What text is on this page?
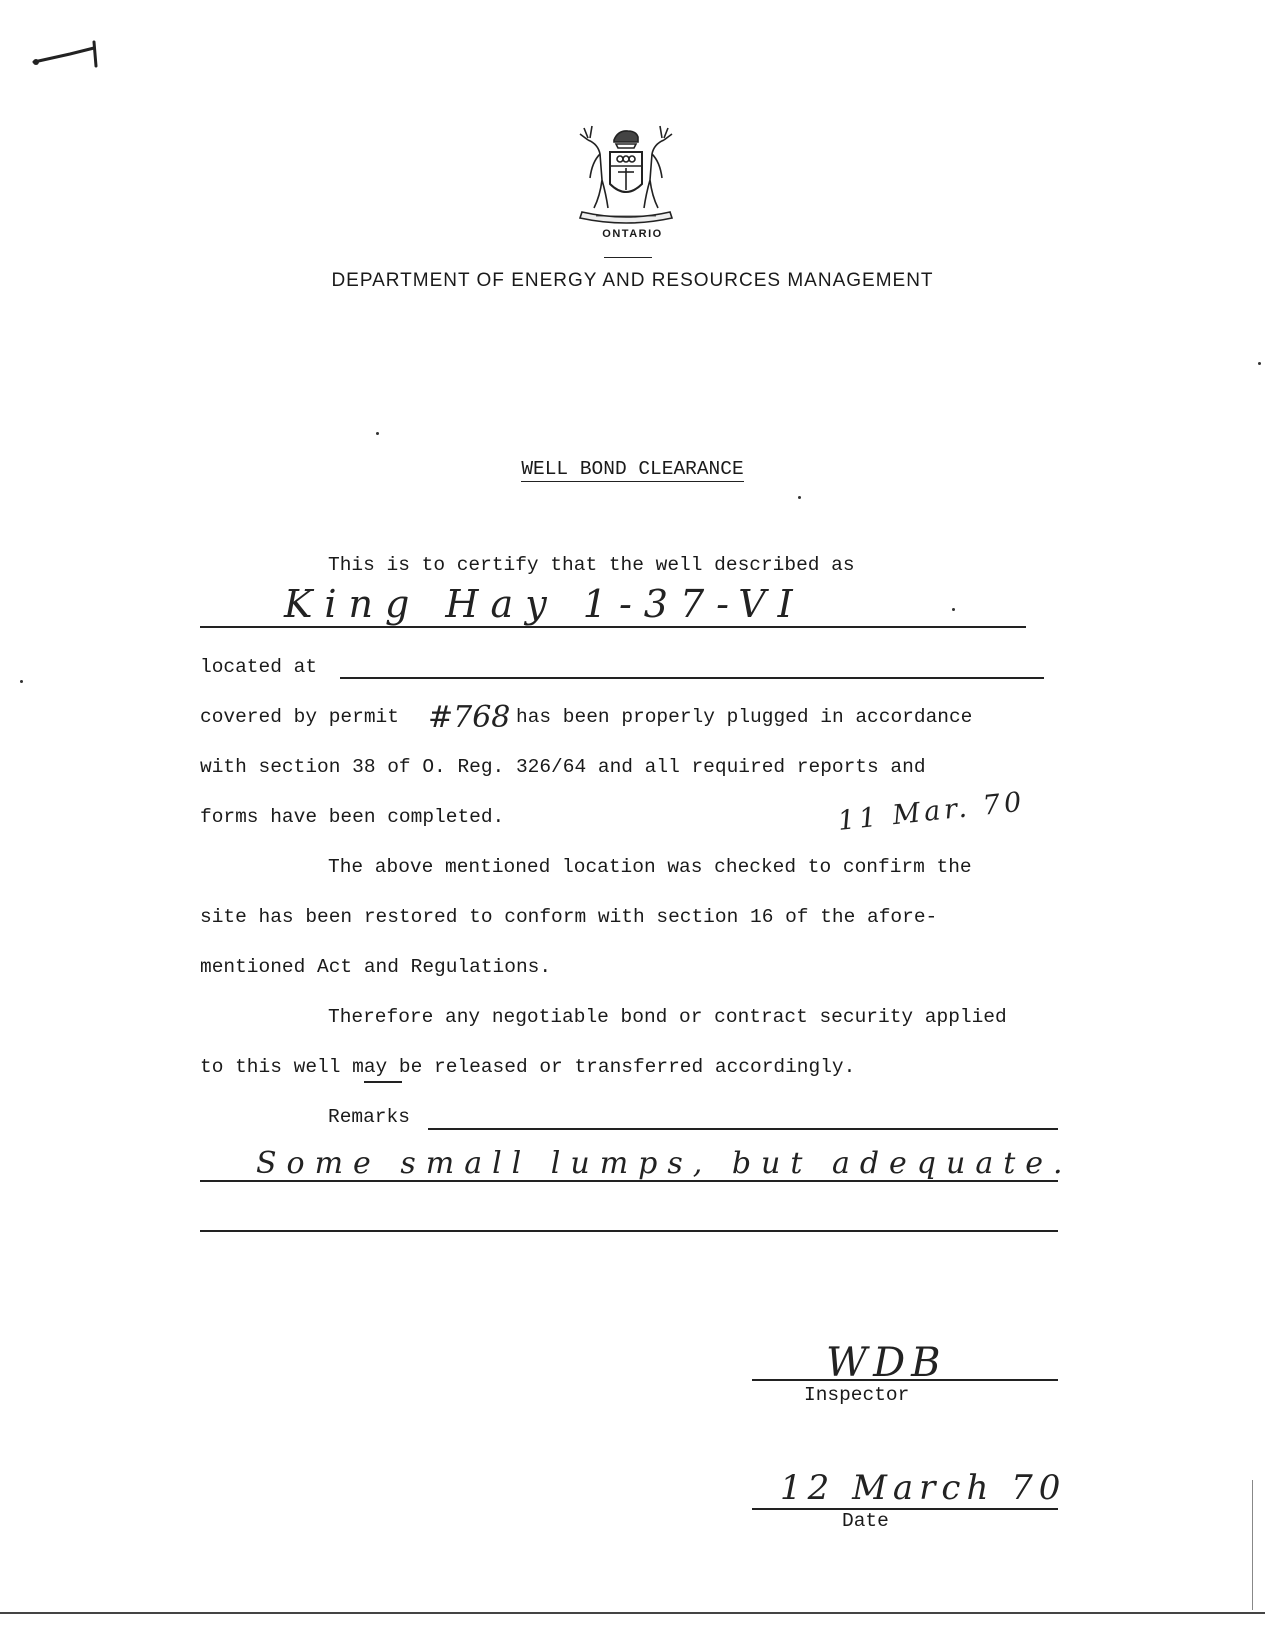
ONTARIO
DEPARTMENT OF ENERGY AND RESOURCES MANAGEMENT
WELL BOND CLEARANCE
This is to certify that the well described as
King Hay 1-37-VI
located at
covered by permit #768 has been properly plugged in accordance
with section 38 of O. Reg. 326/64 and all required reports and
forms have been completed.	11 Mar. 70
The above mentioned location was checked to confirm the
site has been restored to conform with section 16 of the afore-
mentioned Act and Regulations.
Therefore any negotiable bond or contract security applied
to this well may be released or transferred accordingly.
Remarks
Some small lumps, but adequate.
WDB
Inspector
12 March 70
Date
